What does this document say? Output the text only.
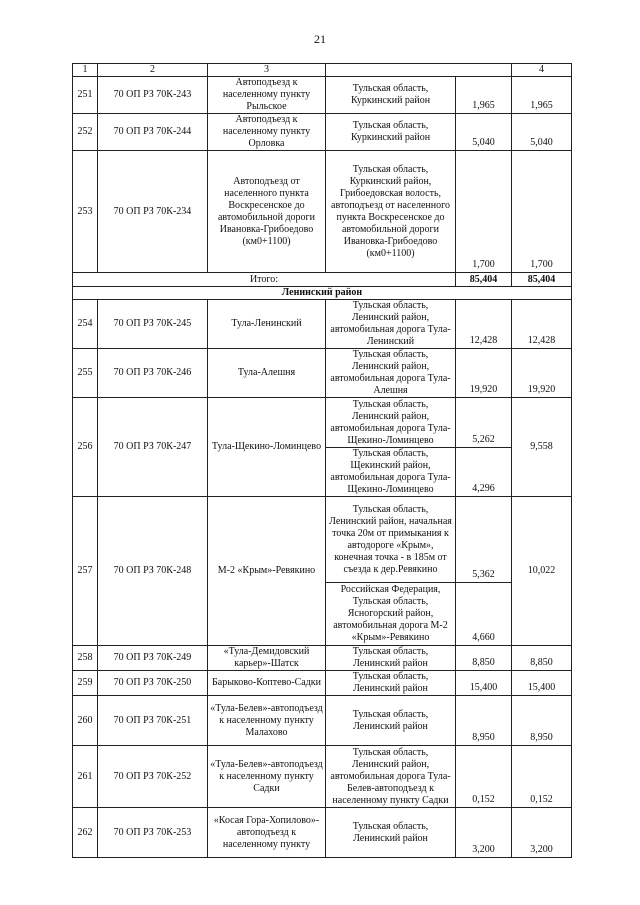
21
1	2	3			4
251	70 ОП РЗ 70К-243	Автоподъезд к населенному пункту Рыльское	Тульская область, Куркинский район	1,965	1,965
252	70 ОП РЗ 70К-244	Автоподъезд к населенному пункту Орловка	Тульская область, Куркинский район	5,040	5,040
253	70 ОП РЗ 70К-234	Автоподъезд от населенного пункта Воскресенское до автомобильной дороги Ивановка-Грибоедово (км0+1100)	Тульская область, Куркинский район, Грибоедовская волость, автоподъезд от населенного пункта Воскресенское до автомобильной дороги Ивановка-Грибоедово (км0+1100)	1,700	1,700
Итого:				85,404	85,404
Ленинский район					
254	70 ОП РЗ 70К-245	Тула-Ленинский	Тульская область, Ленинский район, автомобильная дорога Тула-Ленинский	12,428	12,428
255	70 ОП РЗ 70К-246	Тула-Алешня	Тульская область, Ленинский район, автомобильная дорога Тула- Алешня	19,920	19,920
256	70 ОП РЗ 70К-247	Тула-Щекино-Ломинцево	Тульская область, Ленинский район, автомобильная дорога Тула-Щекино-Ломинцево	5,262	9,558
			Тульская область, Щекинский район, автомобильная дорога Тула-Щекино-Ломинцево	4,296	
257	70 ОП РЗ 70К-248	М-2 «Крым»-Ревякино	Тульская область, Ленинский район, начальная точка 20м от примыкания к автодороге «Крым», конечная точка - в 185м от съезда к дер.Ревякино	5,362	10,022
			Российская Федерация, Тульская область, Ясногорский район, автомобильная дорога М-2 «Крым»-Ревякино	4,660	
258	70 ОП РЗ 70К-249	«Тула-Демидовский карьер»-Шатск	Тульская область, Ленинский район	8,850	8,850
259	70 ОП РЗ 70К-250	Барыково-Коптево-Садки	Тульская область, Ленинский район	15,400	15,400
260	70 ОП РЗ 70К-251	«Тула-Белев»-автоподъезд к населенному пункту Малахово	Тульская область, Ленинский район	8,950	8,950
261	70 ОП РЗ 70К-252	«Тула-Белев»-автоподъезд к населенному пункту Садки	Тульская область, Ленинский район, автомобильная дорога Тула-Белев-автоподъезд к населенному пункту Садки	0,152	0,152
262	70 ОП РЗ 70К-253	«Косая Гора-Хопилово»-автоподъезд к населенному пункту	Тульская область, Ленинский район	3,200	3,200
